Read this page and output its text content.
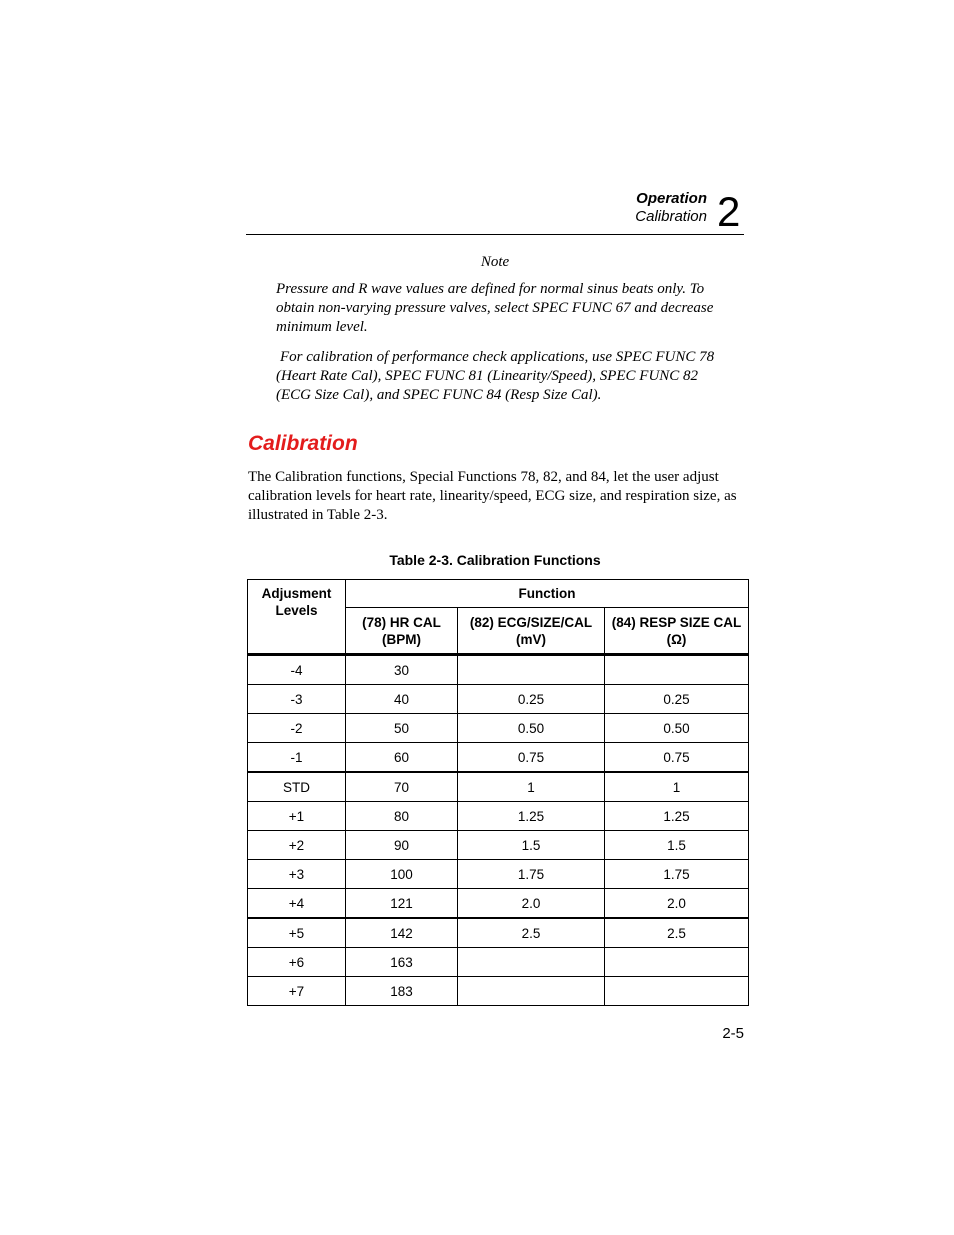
Operation
Calibration 2
Note

Pressure and R wave values are defined for normal sinus beats only. To obtain non-varying pressure valves, select SPEC FUNC 67 and decrease minimum level.

For calibration of performance check applications, use SPEC FUNC 78 (Heart Rate Cal), SPEC FUNC 81 (Linearity/Speed), SPEC FUNC 82 (ECG Size Cal), and SPEC FUNC 84 (Resp Size Cal).

Calibration

The Calibration functions, Special Functions 78, 82, and 84, let the user adjust calibration levels for heart rate, linearity/speed, ECG size, and respiration size, as illustrated in Table 2-3.

Table 2-3. Calibration Functions
Adjusment Levels	Function		
	(78) HR CAL (BPM)	(82) ECG/SIZE/CAL (mV)	(84) RESP SIZE CAL (Ω)
-4	30		
-3	40	0.25	0.25
-2	50	0.50	0.50
-1	60	0.75	0.75
STD	70	1	1
+1	80	1.25	1.25
+2	90	1.5	1.5
+3	100	1.75	1.75
+4	121	2.0	2.0
+5	142	2.5	2.5
+6	163		
+7	183		
2-5
